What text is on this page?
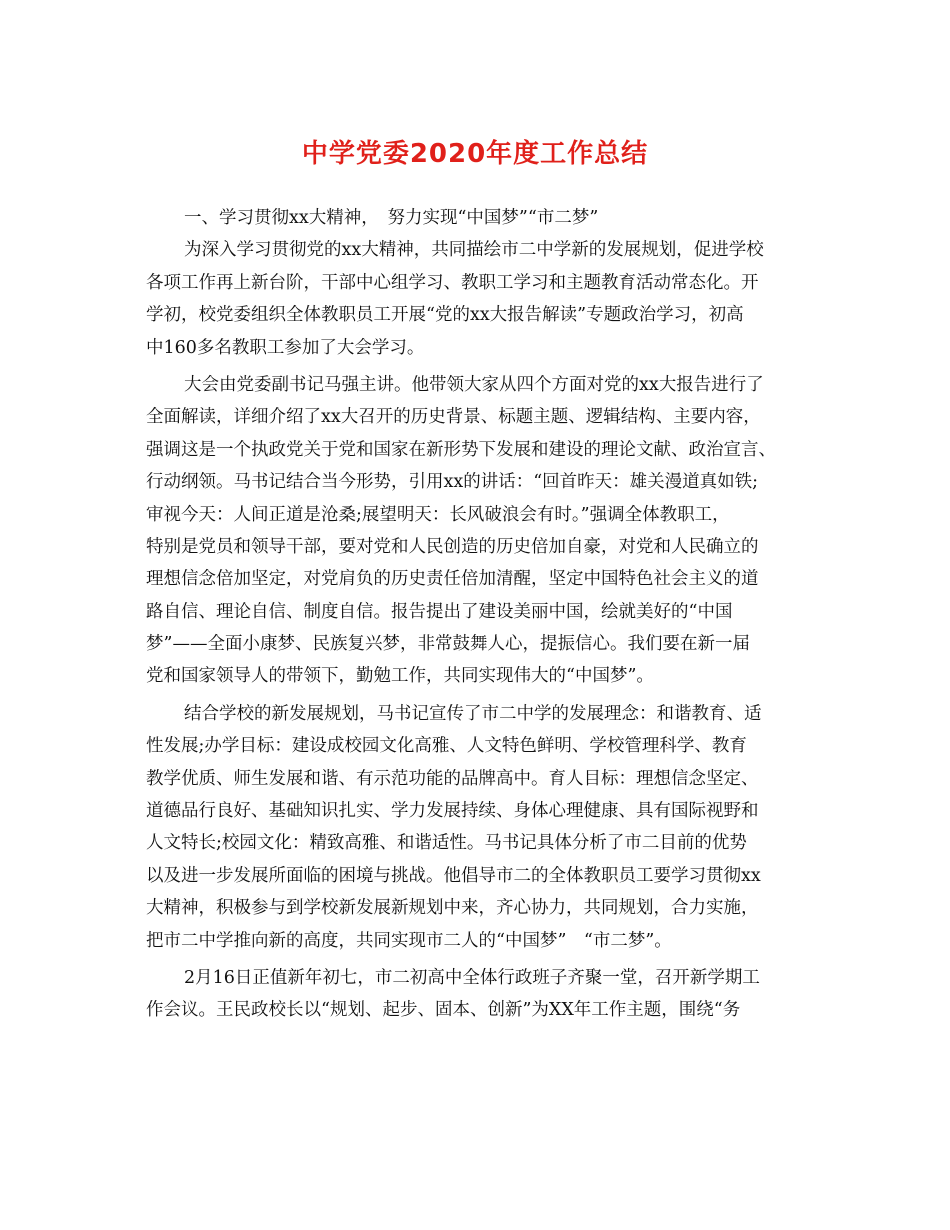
中学党委2020年度工作总结
一、学习贯彻xx大精神，　努力实现“中国梦”“市二梦”
为深入学习贯彻党的xx大精神，共同描绘市二中学新的发展规划，促进学校
各项工作再上新台阶，干部中心组学习、教职工学习和主题教育活动常态化。开
学初，校党委组织全体教职员工开展“党的xx大报告解读”专题政治学习，初高
中160多名教职工参加了大会学习。
大会由党委副书记马强主讲。他带领大家从四个方面对党的xx大报告进行了
全面解读，详细介绍了xx大召开的历史背景、标题主题、逻辑结构、主要内容，
强调这是一个执政党关于党和国家在新形势下发展和建设的理论文献、政治宣言、
行动纲领。马书记结合当今形势，引用xx的讲话：“回首昨天：雄关漫道真如铁;
审视今天：人间正道是沧桑;展望明天：长风破浪会有时。”强调全体教职工，
特别是党员和领导干部，要对党和人民创造的历史倍加自豪，对党和人民确立的
理想信念倍加坚定，对党肩负的历史责任倍加清醒，坚定中国特色社会主义的道
路自信、理论自信、制度自信。报告提出了建设美丽中国，绘就美好的“中国
梦”——全面小康梦、民族复兴梦，非常鼓舞人心，提振信心。我们要在新一届
党和国家领导人的带领下，勤勉工作，共同实现伟大的“中国梦”。
结合学校的新发展规划，马书记宣传了市二中学的发展理念：和谐教育、适
性发展;办学目标：建设成校园文化高雅、人文特色鲜明、学校管理科学、教育
教学优质、师生发展和谐、有示范功能的品牌高中。育人目标：理想信念坚定、
道德品行良好、基础知识扎实、学力发展持续、身体心理健康、具有国际视野和
人文特长;校园文化：精致高雅、和谐适性。马书记具体分析了市二目前的优势
以及进一步发展所面临的困境与挑战。他倡导市二的全体教职员工要学习贯彻xx
大精神，积极参与到学校新发展新规划中来，齐心协力，共同规划，合力实施，
把市二中学推向新的高度，共同实现市二人的“中国梦”　“市二梦”。
2月16日正值新年初七，市二初高中全体行政班子齐聚一堂，召开新学期工
作会议。王民政校长以“规划、起步、固本、创新”为XX年工作主题，围绕“务
